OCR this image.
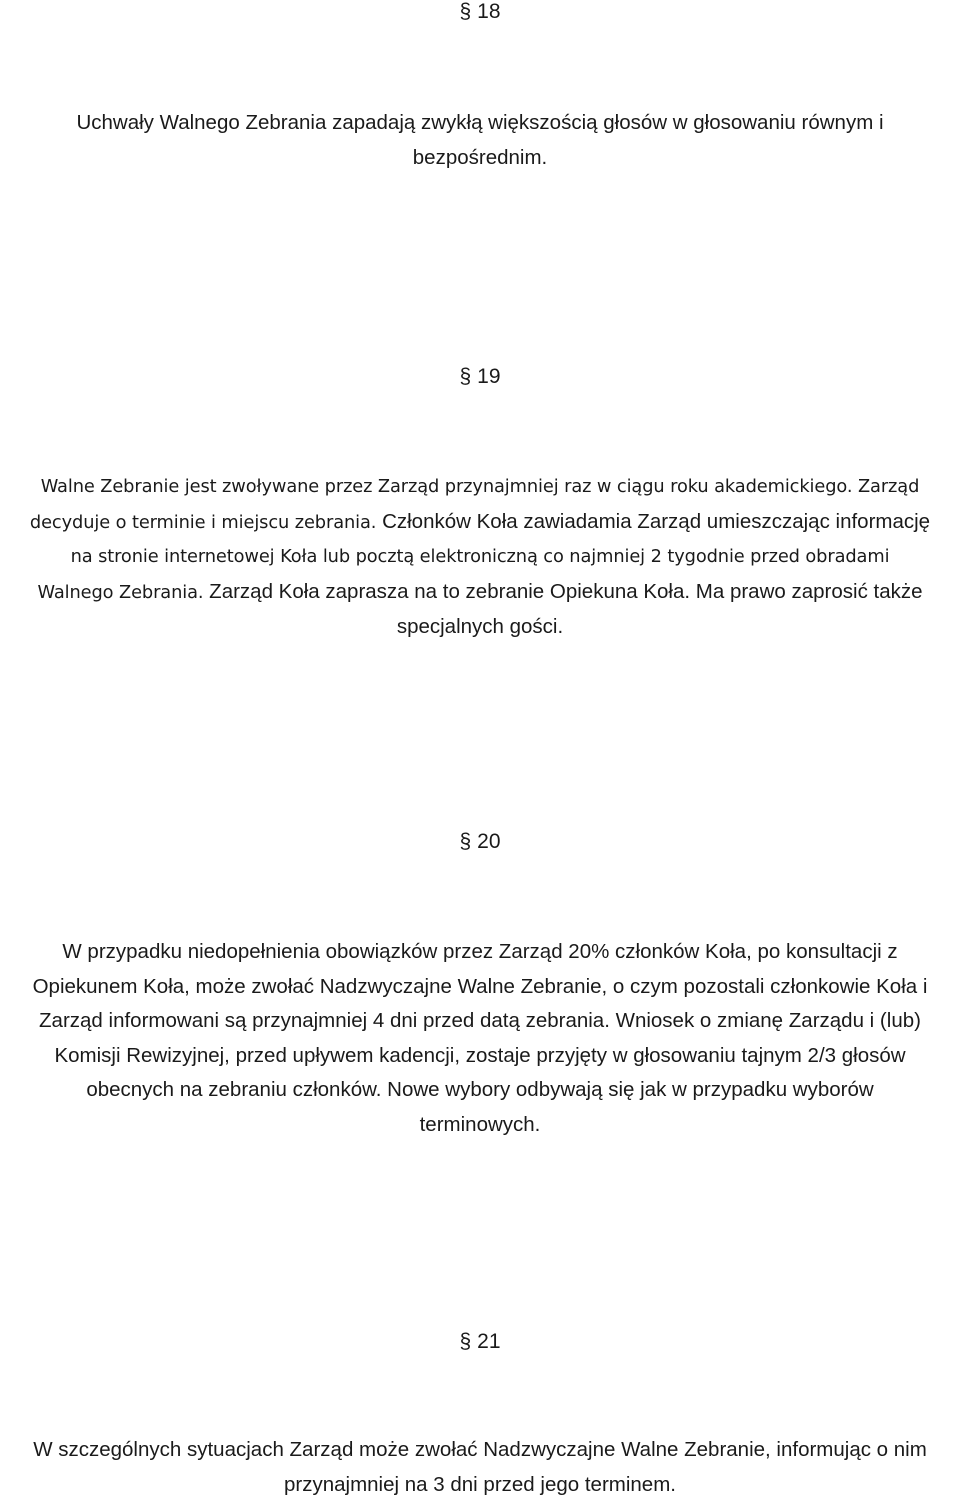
§ 18

Uchwały Walnego Zebrania zapadają zwykłą większością głosów w głosowaniu równym i
bezpośrednim.

§ 19

Walne Zebranie jest zwoływane przez Zarząd przynajmniej raz w ciągu roku akademickiego. Zarząd
decyduje o terminie i miejscu zebrania. Członków Koła zawiadamia Zarząd umieszczając informację
na stronie internetowej Koła lub pocztą elektroniczną co najmniej 2 tygodnie przed obradami
Walnego Zebrania. Zarząd Koła zaprasza na to zebranie Opiekuna Koła. Ma prawo zaprosić także
specjalnych gości.

§ 20

W przypadku niedopełnienia obowiązków przez Zarząd 20% członków Koła, po konsultacji z
Opiekunem Koła, może zwołać Nadzwyczajne Walne Zebranie, o czym pozostali członkowie Koła i
Zarząd informowani są przynajmniej 4 dni przed datą zebrania. Wniosek o zmianę Zarządu i (lub)
Komisji Rewizyjnej, przed upływem kadencji, zostaje przyjęty w głosowaniu tajnym 2/3 głosów
obecnych na zebraniu członków. Nowe wybory odbywają się jak w przypadku wyborów
terminowych.

§ 21

W szczególnych sytuacjach Zarząd może zwołać Nadzwyczajne Walne Zebranie, informując o nim
przynajmniej na 3 dni przed jego terminem.
